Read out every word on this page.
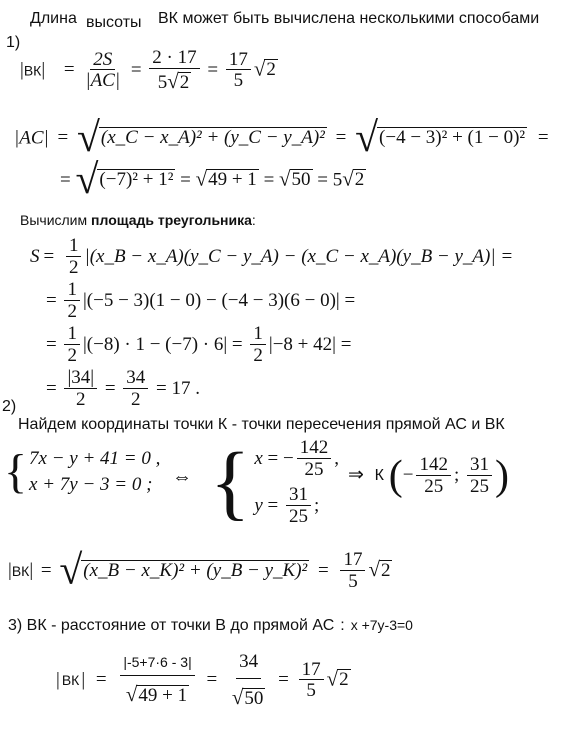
Длина высоты ВК может быть вычислена несколькими способами
1)
$|ВК| = \frac{2S}{|AC|} = \frac{2 \cdot 17}{5√2} = \frac{17}{5} √2$
|AC| = √(x_C − x_A)² + (y_C − y_A)² = √(−4 − 3)² + (1 − 0)² =
= √(−7)² + 1² = √49 + 1 = √50 = 5√2
Вычислим площадь треугольника:
$S = \frac{1}{2}$ |(x_B − x_A)(y_C − y_A) − (x_C − x_A)(y_B − y_A)| =
= $\frac{1}{2} |(-5 - 3)(1 - 0) - (-4 - 3)(6 - 0)|$ =
= $\frac{1}{2} |(-8) \cdot 1 - (-7) \cdot 6| = \frac{1}{2} |-8 + 42|$ =
= $\frac{|34|}{2} = \frac{34}{2} = 17$ .
2)
Найдем координаты точки К - точки пересечения прямой АС и ВК
{ 7x − y + 41 = 0 ,
x + 7y − 3 = 0 ; ⇔ { x = − $\frac{142}{25}$ ,
$y = \frac{31}{25}$ ;
⇒ К (− $\frac{142}{25}$ ; $\frac{31}{25}$ )
|ВК| = √(x_B − x_K)² + (y_B − y_K)² = $\frac{17}{5} √2$
3) ВК - расстояние от точки В до прямой АС : x +7y-3=0
| ВК | =
|-5+7·6 - 3|
√49 + 1
= $\frac{34}{√50} = \frac{17}{5} √2$
